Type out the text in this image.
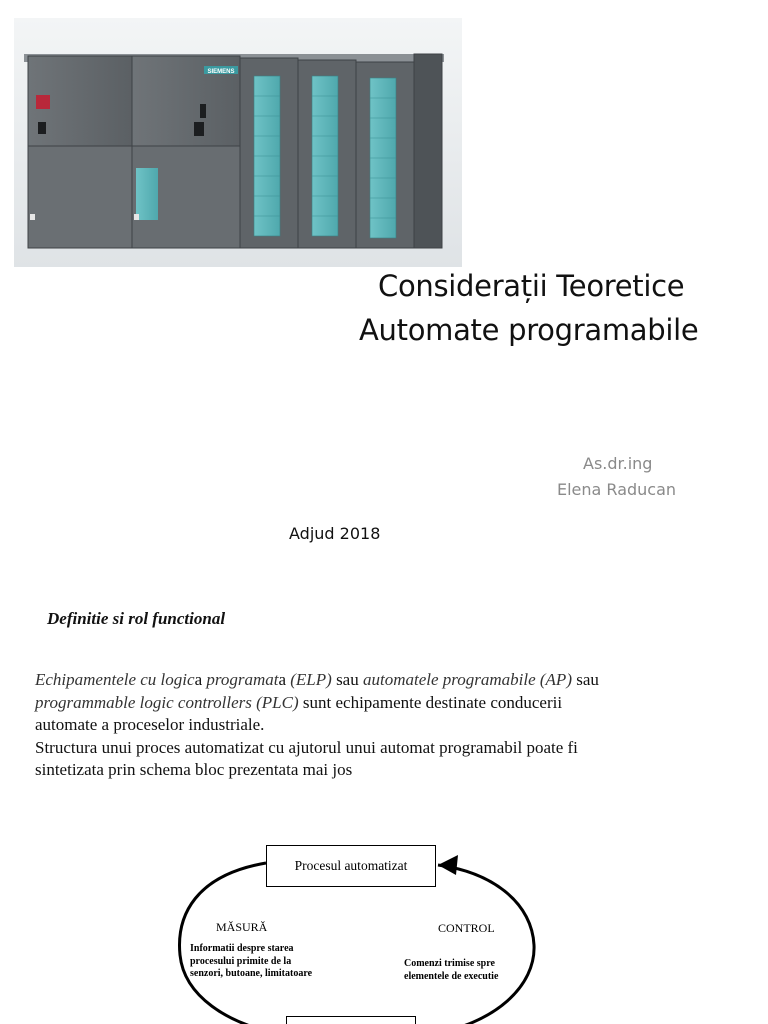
SIEMENS
Considerații Teoretice
Automate programabile
As.dr.ing
Elena Raducan
Adjud 2018
Definitie si rol functional
Echipamentele cu logica programata (ELP) sau automatele programabile (AP) sau
programmable logic controllers (PLC) sunt echipamente destinate conducerii
automate a proceselor industriale.
Structura unui proces automatizat cu ajutorul unui automat programabil poate fi
sintetizata prin schema bloc prezentata mai jos
Procesul automatizat
MĂSURĂ	CONTROL
Informatii despre starea
procesului primite de la
senzori, butoane, limitatoare
Comenzi trimise spre
elementele de executie
